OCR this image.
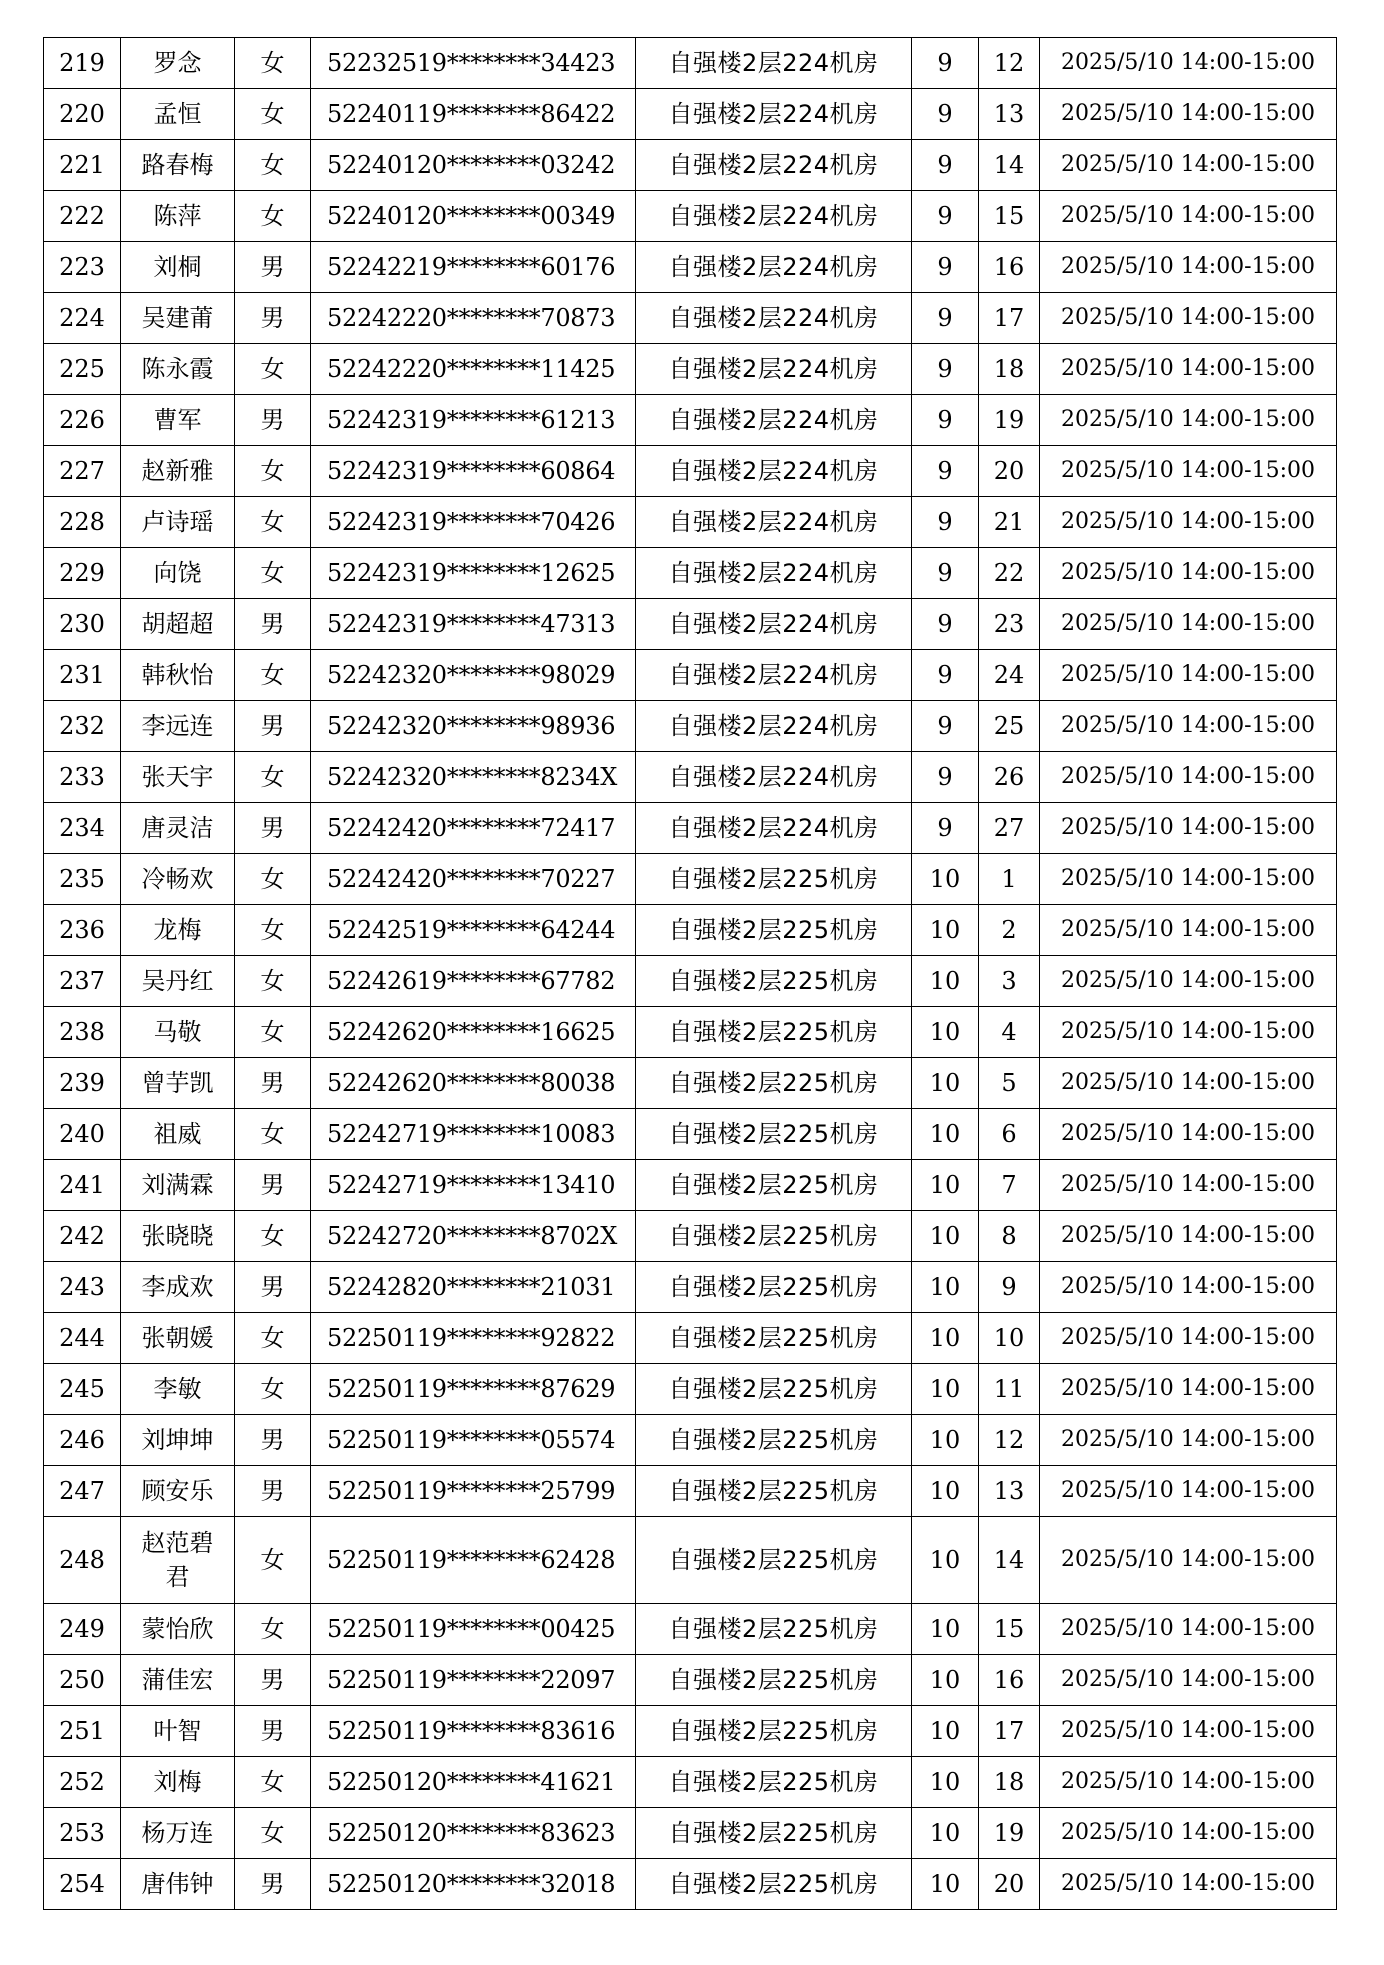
219	罗念	女	52232519********34423	自强楼2层224机房	9	12	2025/5/10 14:00-15:00
220	孟恒	女	52240119********86422	自强楼2层224机房	9	13	2025/5/10 14:00-15:00
221	路春梅	女	52240120********03242	自强楼2层224机房	9	14	2025/5/10 14:00-15:00
222	陈萍	女	52240120********00349	自强楼2层224机房	9	15	2025/5/10 14:00-15:00
223	刘桐	男	52242219********60176	自强楼2层224机房	9	16	2025/5/10 14:00-15:00
224	吴建莆	男	52242220********70873	自强楼2层224机房	9	17	2025/5/10 14:00-15:00
225	陈永霞	女	52242220********11425	自强楼2层224机房	9	18	2025/5/10 14:00-15:00
226	曹军	男	52242319********61213	自强楼2层224机房	9	19	2025/5/10 14:00-15:00
227	赵新雅	女	52242319********60864	自强楼2层224机房	9	20	2025/5/10 14:00-15:00
228	卢诗瑶	女	52242319********70426	自强楼2层224机房	9	21	2025/5/10 14:00-15:00
229	向饶	女	52242319********12625	自强楼2层224机房	9	22	2025/5/10 14:00-15:00
230	胡超超	男	52242319********47313	自强楼2层224机房	9	23	2025/5/10 14:00-15:00
231	韩秋怡	女	52242320********98029	自强楼2层224机房	9	24	2025/5/10 14:00-15:00
232	李远连	男	52242320********98936	自强楼2层224机房	9	25	2025/5/10 14:00-15:00
233	张天宇	女	52242320********8234X	自强楼2层224机房	9	26	2025/5/10 14:00-15:00
234	唐灵洁	男	52242420********72417	自强楼2层224机房	9	27	2025/5/10 14:00-15:00
235	冷畅欢	女	52242420********70227	自强楼2层225机房	10	1	2025/5/10 14:00-15:00
236	龙梅	女	52242519********64244	自强楼2层225机房	10	2	2025/5/10 14:00-15:00
237	吴丹红	女	52242619********67782	自强楼2层225机房	10	3	2025/5/10 14:00-15:00
238	马敬	女	52242620********16625	自强楼2层225机房	10	4	2025/5/10 14:00-15:00
239	曾芋凯	男	52242620********80038	自强楼2层225机房	10	5	2025/5/10 14:00-15:00
240	祖威	女	52242719********10083	自强楼2层225机房	10	6	2025/5/10 14:00-15:00
241	刘满霖	男	52242719********13410	自强楼2层225机房	10	7	2025/5/10 14:00-15:00
242	张晓晓	女	52242720********8702X	自强楼2层225机房	10	8	2025/5/10 14:00-15:00
243	李成欢	男	52242820********21031	自强楼2层225机房	10	9	2025/5/10 14:00-15:00
244	张朝媛	女	52250119********92822	自强楼2层225机房	10	10	2025/5/10 14:00-15:00
245	李敏	女	52250119********87629	自强楼2层225机房	10	11	2025/5/10 14:00-15:00
246	刘坤坤	男	52250119********05574	自强楼2层225机房	10	12	2025/5/10 14:00-15:00
247	顾安乐	男	52250119********25799	自强楼2层225机房	10	13	2025/5/10 14:00-15:00
248	赵范碧君	女	52250119********62428	自强楼2层225机房	10	14	2025/5/10 14:00-15:00
249	蒙怡欣	女	52250119********00425	自强楼2层225机房	10	15	2025/5/10 14:00-15:00
250	蒲佳宏	男	52250119********22097	自强楼2层225机房	10	16	2025/5/10 14:00-15:00
251	叶智	男	52250119********83616	自强楼2层225机房	10	17	2025/5/10 14:00-15:00
252	刘梅	女	52250120********41621	自强楼2层225机房	10	18	2025/5/10 14:00-15:00
253	杨万连	女	52250120********83623	自强楼2层225机房	10	19	2025/5/10 14:00-15:00
254	唐伟钟	男	52250120********32018	自强楼2层225机房	10	20	2025/5/10 14:00-15:00
